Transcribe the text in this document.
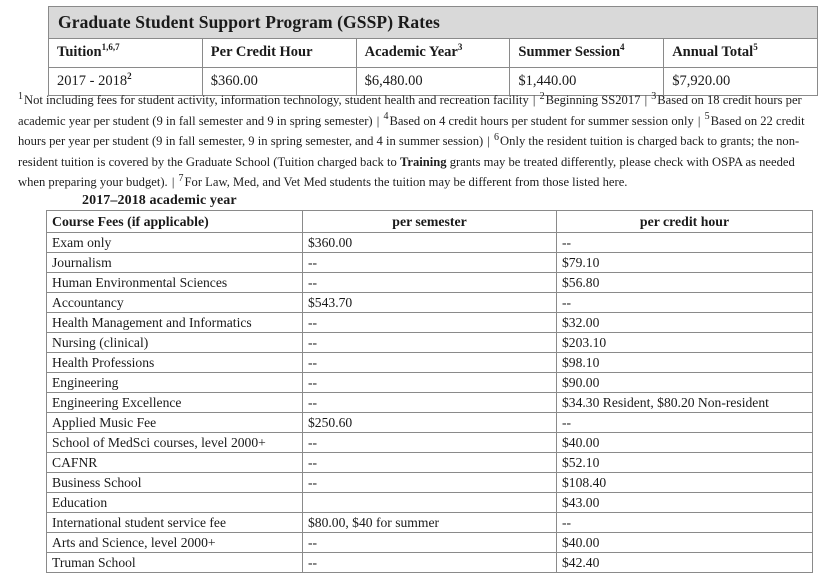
Graduate Student Support Program (GSSP) Rates				
Tuition$^{1,6,7}$	Per Credit Hour	Academic Year$^3$	Summer Session$^4$	Annual Total$^5$
2017 - 2018$^2$	$360.00	$6,480.00	$1,440.00	$7,920.00
$^1$Not including fees for student activity, information technology, student health and recreation facility | $^2$Beginning SS2017 | $^3$Based on 18 credit hours per academic year per student (9 in fall semester and 9 in spring semester) | $^4$Based on 4 credit hours per student for summer session only | $^5$Based on 22 credit hours per year per student (9 in fall semester, 9 in spring semester, and 4 in summer session) | $^6$Only the resident tuition is charged back to grants; the non-resident tuition is covered by the Graduate School (Tuition charged back to Training grants may be treated differently, please check with OSPA as needed when preparing your budget). | $^7$For Law, Med, and Vet Med students the tuition may be different from those listed here.
2017–2018 academic year
Course Fees (if applicable)	per semester	per credit hour
Exam only	$360.00	--
Journalism	--	$79.10
Human Environmental Sciences	--	$56.80
Accountancy	$543.70	--
Health Management and Informatics	--	$32.00
Nursing (clinical)	--	$203.10
Health Professions	--	$98.10
Engineering	--	$90.00
Engineering Excellence	--	$34.30 Resident, $80.20 Non-resident
Applied Music Fee	$250.60	--
School of MedSci courses, level 2000+	--	$40.00
CAFNR	--	$52.10
Business School	--	$108.40
Education		$43.00
International student service fee	$80.00, $40 for summer	--
Arts and Science, level 2000+	--	$40.00
Truman School	--	$42.40
